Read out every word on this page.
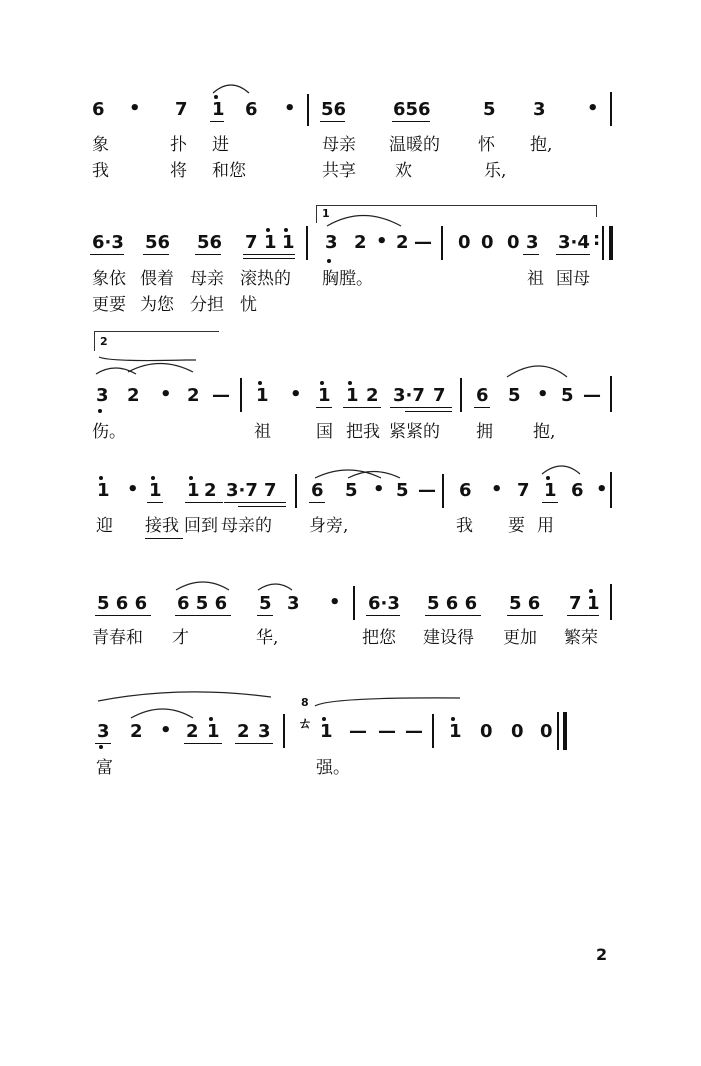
6 • 7 1 6 • 56	656	5 3 •
象	扑 进	母亲 温暖的 怀 抱,
我	将 和您	共享 欢	乐,
1
6·3 56 56 7 1 1 3 2 • 2 — 0 0 0 3 3·4 :
象依 偎着 母亲 滚热的 胸膛。	祖 国母
更要 为您 分担 忧
2
3 2 • 2 — 1 • 1 1 2 3·7 7 6 5 • 5 —
伤。	祖	国 把我 紧紧的 拥 抱,
1 • 1 1 2 3·7 7 6 5 • 5 — 6 • 7 1 6 •
迎 接我 回到 母亲的 身旁,	我 要 用
5 6 6 6 5 6 5 3 • 6·3 5 6 6 5 6 7 1
青春和 才	华,	把您 建设得 更加 繁荣
8
ㄊ
3 2 • 2 1 2 3	1 — — — 1 0 0 0
富	强。
2
